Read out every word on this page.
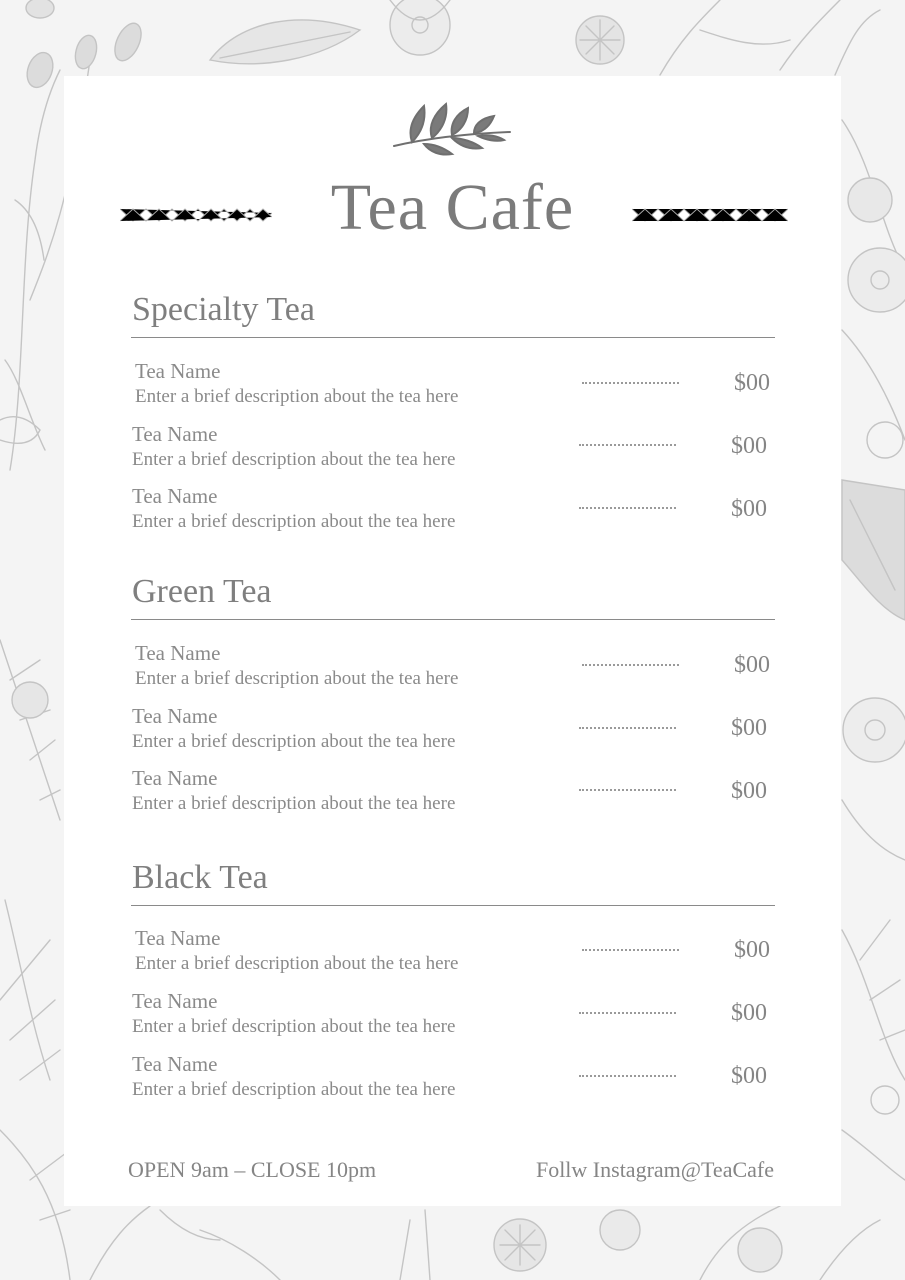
Tea Cafe
Specialty Tea
Tea Name
Enter a brief description about the tea here
$00
Tea Name
Enter a brief description about the tea here
$00
Tea Name
Enter a brief description about the tea here	$00
Green Tea
Tea Name
Enter a brief description about the tea here
$00
Tea Name
Enter a brief description about the tea here
$00
Tea Name
Enter a brief description about the tea here	$00
Black Tea
Tea Name
Enter a brief description about the tea here
$00
Tea Name
Enter a brief description about the tea here
$00
Tea Name
Enter a brief description about the tea here
$00
OPEN 9am – CLOSE 10pm	Follw Instagram@TeaCafe
